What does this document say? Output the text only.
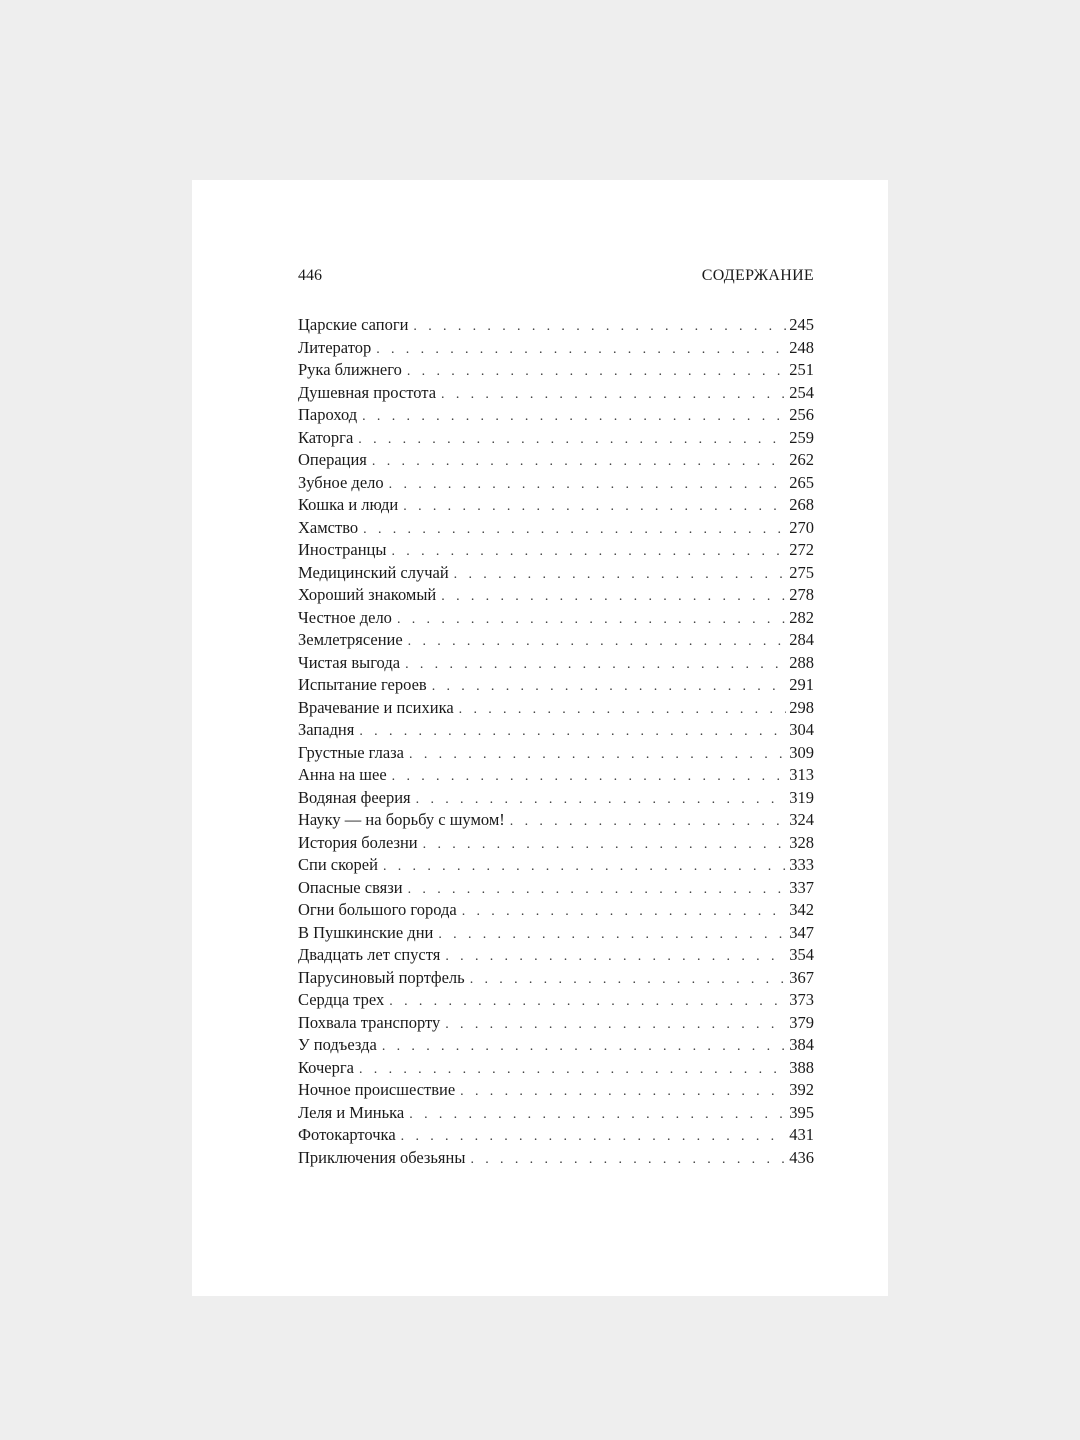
446	СОДЕРЖАНИЕ
Царские сапоги . . .	245
Литератор . . .	248
Рука ближнего . . .	251
Душевная простота . . .	254
Пароход . . .	256
Каторга . . .	259
Операция . . .	262
Зубное дело . . .	265
Кошка и люди . . .	268
Хамство . . .	270
Иностранцы . . .	272
Медицинский случай . . .	275
Хороший знакомый . . .	278
Честное дело . . .	282
Землетрясение . . .	284
Чистая выгода . . .	288
Испытание героев . . .	291
Врачевание и психика . . .	298
Западня . . .	304
Грустные глаза . . .	309
Анна на шее . . .	313
Водяная феерия . . .	319
Науку — на борьбу с шумом! . . .	324
История болезни . . .	328
Спи скорей . . .	333
Опасные связи . . .	337
Огни большого города . . .	342
В Пушкинские дни . . .	347
Двадцать лет спустя . . .	354
Парусиновый портфель . . .	367
Сердца трех . . .	373
Похвала транспорту . . .	379
У подъезда . . .	384
Кочерга . . .	388
Ночное происшествие . . .	392
Леля и Минька . . .	395
Фотокарточка . . .	431
Приключения обезьяны . . .	436
